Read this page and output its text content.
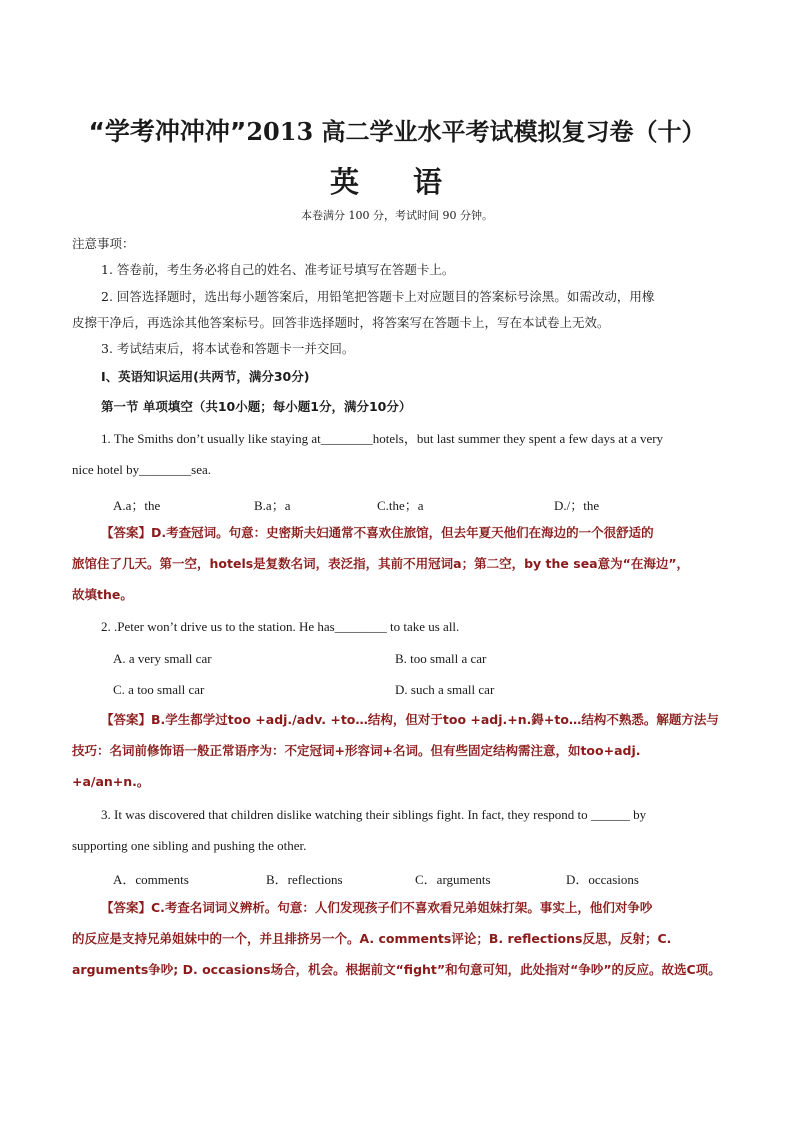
“学考冲冲冲”2013 高二学业水平考试模拟复习卷（十）
英 语
本卷满分 100 分，考试时间 90 分钟。
注意事项：
1. 答卷前，考生务必将自己的姓名、准考证号填写在答题卡上。
2. 回答选择题时，选出每小题答案后，用铅笔把答题卡上对应题目的答案标号涂黑。如需改动，用橡
皮擦干净后，再选涂其他答案标号。回答非选择题时，将答案写在答题卡上，写在本试卷上无效。
3. 考试结束后，将本试卷和答题卡一并交回。
I、英语知识运用(共两节，满分30分)
第一节 单项填空（共10小题；每小题1分，满分10分）
1. The Smiths don’t usually like staying at________hotels，but last summer they spent a few days at a very
nice hotel by________sea.
A.a；the	B.a；a	C.the；a	D./；the
【答案】D.考查冠词。句意：史密斯夫妇通常不喜欢住旅馆，但去年夏天他们在海边的一个很舒适的
旅馆住了几天。第一空，hotels是复数名词，表泛指，其前不用冠词a；第二空，by the sea意为“在海边”，
故填the。
2. .Peter won’t drive us to the station. He has________ to take us all.
A. a very small car	B. too small a car
C. a too small car	D. such a small car
【答案】B.学生都学过too +adj./adv. +to…结构，但对于too +adj.+n.鍀+to…结构不熟悉。解题方法与
技巧：名词前修饰语一般正常语序为：不定冠词+形容词+名词。但有些固定结构需注意，如too+adj.
+a/an+n.。
3. It was discovered that children dislike watching their siblings fight. In fact, they respond to ______ by
supporting one sibling and pushing the other.
A．comments	B．reflections	C．arguments	D．occasions
【答案】C.考查名词词义辨析。句意：人们发现孩子们不喜欢看兄弟姐妹打架。事实上，他们对争吵
的反应是支持兄弟姐妹中的一个，并且排挤另一个。A. comments评论；B. reflections反思，反射；C.
arguments争吵; D. occasions场合，机会。根据前文“fight”和句意可知，此处指对“争吵”的反应。故选C项。
